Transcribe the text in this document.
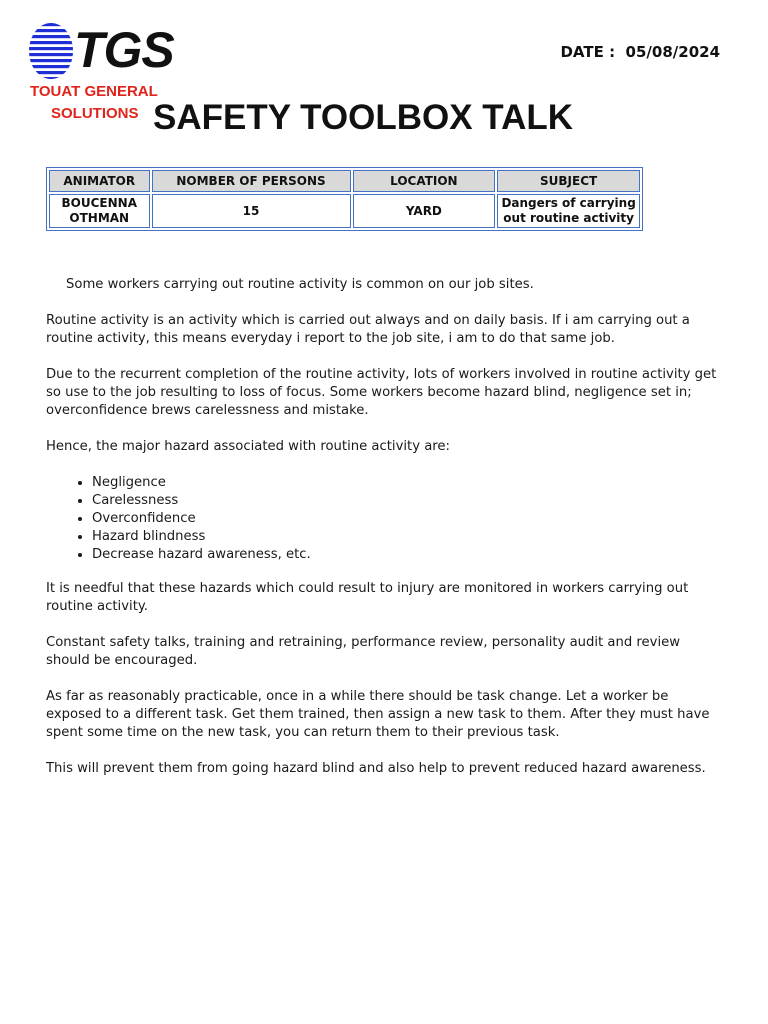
TGS
TOUAT GENERAL
SOLUTIONS
DATE : 05/08/2024
SAFETY TOOLBOX TALK
ANIMATOR	NOMBER OF PERSONS	LOCATION	SUBJECT
BOUCENNA OTHMAN	15	YARD	Dangers of carrying out routine activity

Some workers carrying out routine activity is common on our job sites.

Routine activity is an activity which is carried out always and on daily basis. If i am carrying out a routine activity, this means everyday i report to the job site, i am to do that same job.

Due to the recurrent completion of the routine activity, lots of workers involved in routine activity get so use to the job resulting to loss of focus. Some workers become hazard blind, negligence set in; overconfidence brews carelessness and mistake.

Hence, the major hazard associated with routine activity are:

• Negligence
• Carelessness
• Overconfidence
• Hazard blindness
• Decrease hazard awareness, etc.

It is needful that these hazards which could result to injury are monitored in workers carrying out routine activity.

Constant safety talks, training and retraining, performance review, personality audit and review should be encouraged.

As far as reasonably practicable, once in a while there should be task change. Let a worker be exposed to a different task. Get them trained, then assign a new task to them. After they must have spent some time on the new task, you can return them to their previous task.

This will prevent them from going hazard blind and also help to prevent reduced hazard awareness.
